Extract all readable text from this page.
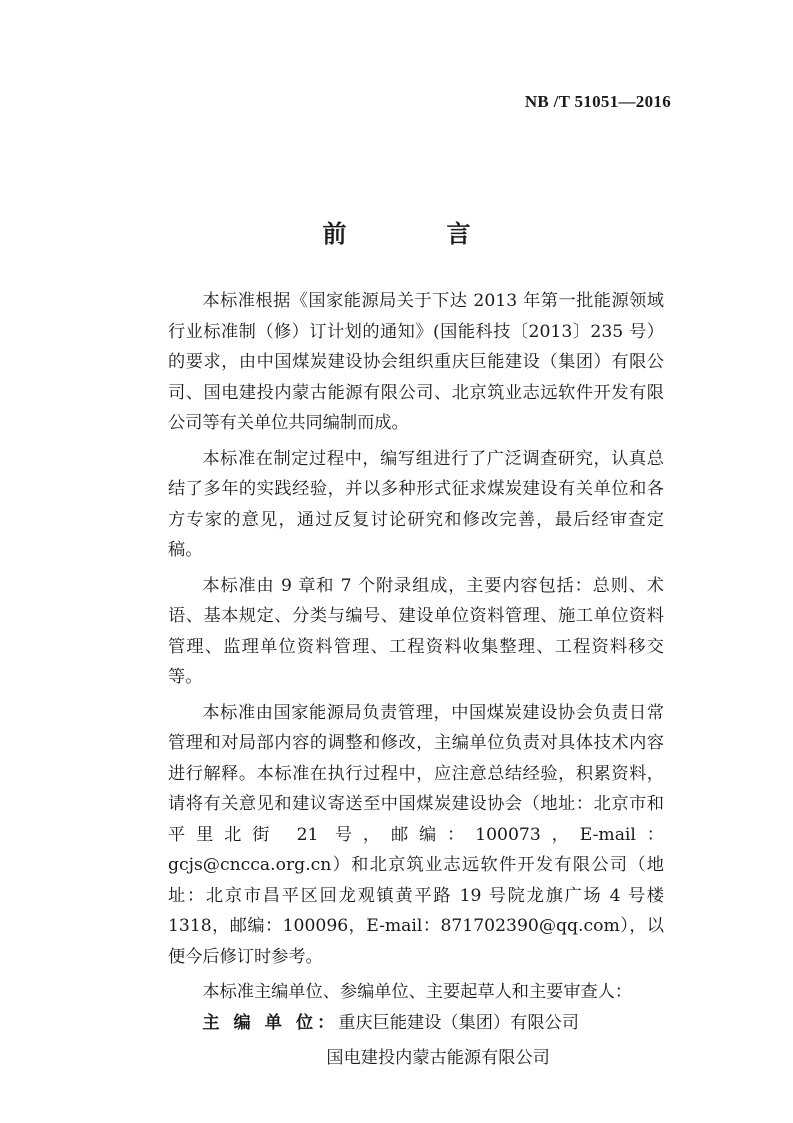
NB /T 51051—2016
前　言

本标准根据《国家能源局关于下达 2013 年第一批能源领域行业标准制（修）订计划的通知》(国能科技〔2013〕235 号）的要求，由中国煤炭建设协会组织重庆巨能建设（集团）有限公司、国电建投内蒙古能源有限公司、北京筑业志远软件开发有限公司等有关单位共同编制而成。

本标准在制定过程中，编写组进行了广泛调查研究，认真总结了多年的实践经验，并以多种形式征求煤炭建设有关单位和各方专家的意见，通过反复讨论研究和修改完善，最后经审查定稿。

本标准由 9 章和 7 个附录组成，主要内容包括：总则、术语、基本规定、分类与编号、建设单位资料管理、施工单位资料管理、监理单位资料管理、工程资料收集整理、工程资料移交等。

本标准由国家能源局负责管理，中国煤炭建设协会负责日常管理和对局部内容的调整和修改，主编单位负责对具体技术内容进行解释。本标准在执行过程中，应注意总结经验，积累资料，请将有关意见和建议寄送至中国煤炭建设协会（地址：北京市和平里北街 21 号，邮编：100073，E-mail：gcjs@cncca.org.cn）和北京筑业志远软件开发有限公司（地址：北京市昌平区回龙观镇黄平路 19 号院龙旗广场 4 号楼 1318，邮编：100096，E-mail：871702390@qq.com），以便今后修订时参考。

本标准主编单位、参编单位、主要起草人和主要审查人：

主 编 单 位：重庆巨能建设（集团）有限公司

国电建投内蒙古能源有限公司
